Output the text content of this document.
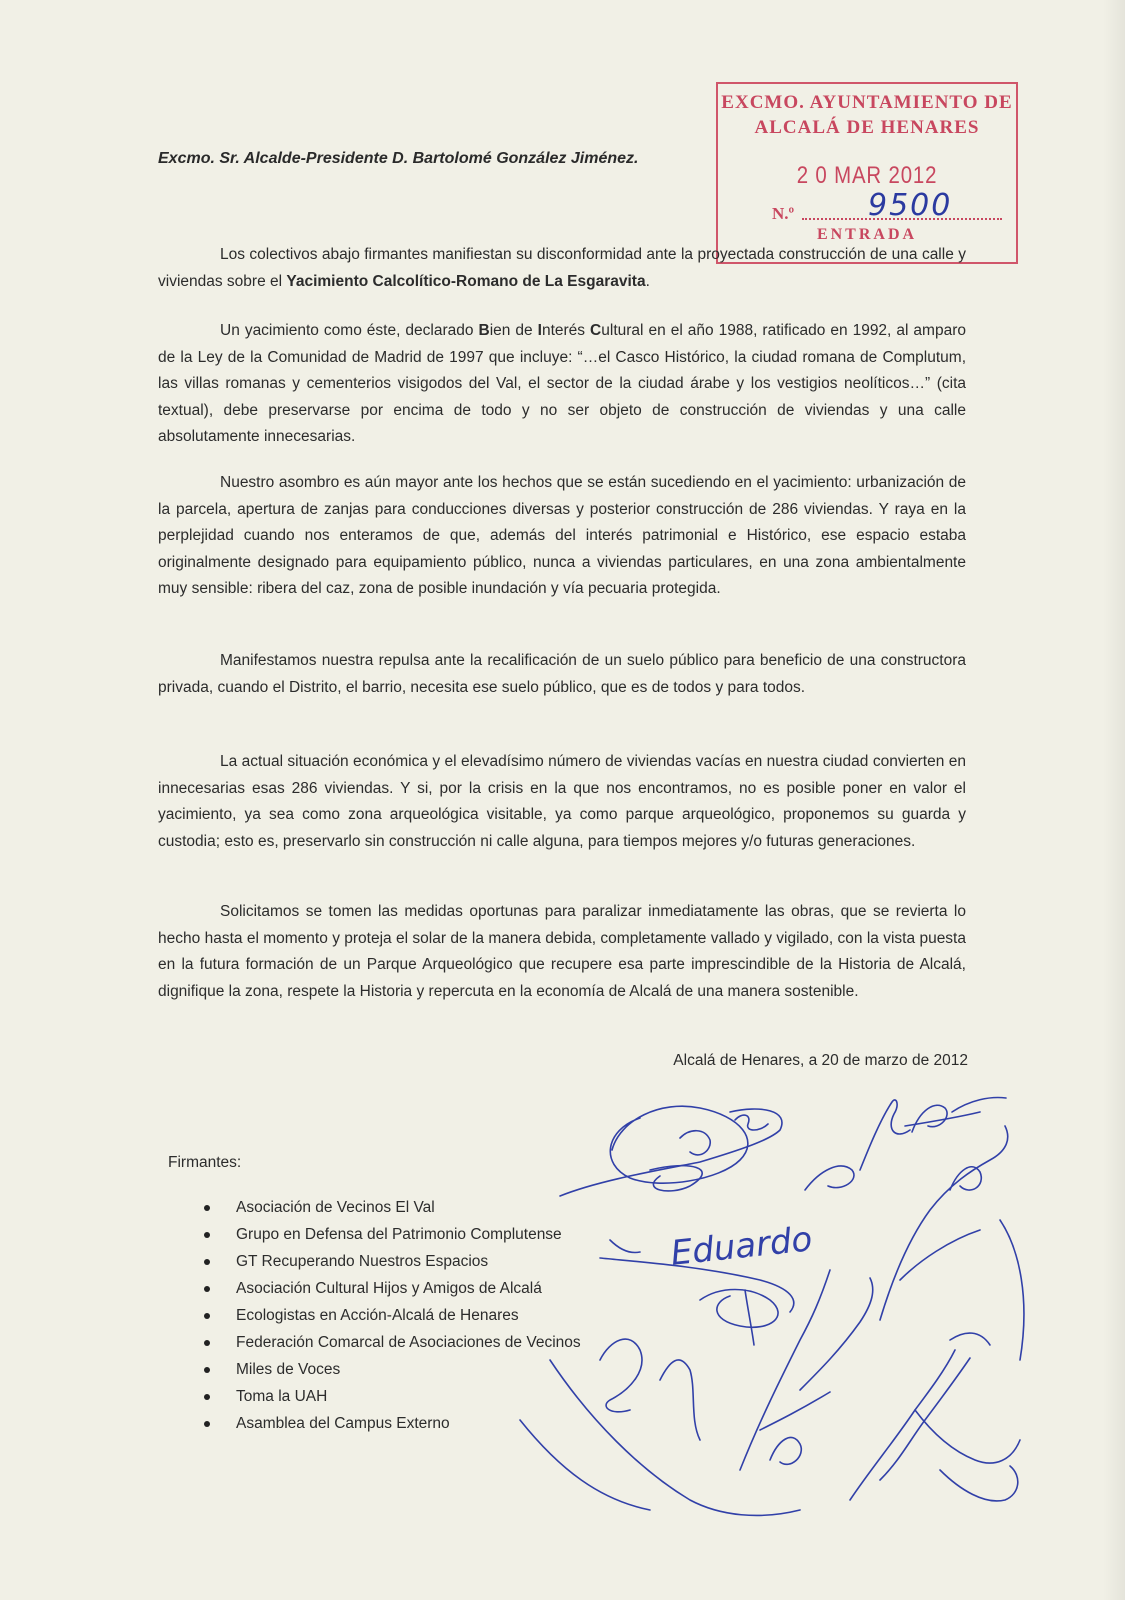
EXCMO. AYUNTAMIENTO DE
ALCALÁ DE HENARES
2 0 MAR 2012
N.º 9500
ENTRADA
Excmo. Sr. Alcalde-Presidente D. Bartolomé González Jiménez.

Los colectivos abajo firmantes manifiestan su disconformidad ante la proyectada construcción de una calle y viviendas sobre el Yacimiento Calcolítico-Romano de La Esgaravita.

Un yacimiento como éste, declarado Bien de Interés Cultural en el año 1988, ratificado en 1992, al amparo de la Ley de la Comunidad de Madrid de 1997 que incluye: “…el Casco Histórico, la ciudad romana de Complutum, las villas romanas y cementerios visigodos del Val, el sector de la ciudad árabe y los vestigios neolíticos…” (cita textual), debe preservarse por encima de todo y no ser objeto de construcción de viviendas y una calle absolutamente innecesarias.

Nuestro asombro es aún mayor ante los hechos que se están sucediendo en el yacimiento: urbanización de la parcela, apertura de zanjas para conducciones diversas y posterior construcción de 286 viviendas. Y raya en la perplejidad cuando nos enteramos de que, además del interés patrimonial e Histórico, ese espacio estaba originalmente designado para equipamiento público, nunca a viviendas particulares, en una zona ambientalmente muy sensible: ribera del caz, zona de posible inundación y vía pecuaria protegida.

Manifestamos nuestra repulsa ante la recalificación de un suelo público para beneficio de una constructora privada, cuando el Distrito, el barrio, necesita ese suelo público, que es de todos y para todos.

La actual situación económica y el elevadísimo número de viviendas vacías en nuestra ciudad convierten en innecesarias esas 286 viviendas. Y si, por la crisis en la que nos encontramos, no es posible poner en valor el yacimiento, ya sea como zona arqueológica visitable, ya como parque arqueológico, proponemos su guarda y custodia; esto es, preservarlo sin construcción ni calle alguna, para tiempos mejores y/o futuras generaciones.

Solicitamos se tomen las medidas oportunas para paralizar inmediatamente las obras, que se revierta lo hecho hasta el momento y proteja el solar de la manera debida, completamente vallado y vigilado, con la vista puesta en la futura formación de un Parque Arqueológico que recupere esa parte imprescindible de la Historia de Alcalá, dignifique la zona, respete la Historia y repercuta en la economía de Alcalá de una manera sostenible.

Alcalá de Henares, a 20 de marzo de 2012
Firmantes:
Asociación de Vecinos El Val
Grupo en Defensa del Patrimonio Complutense
GT Recuperando Nuestros Espacios
Asociación Cultural Hijos y Amigos de Alcalá
Ecologistas en Acción-Alcalá de Henares
Federación Comarcal de Asociaciones de Vecinos
Miles de Voces
Toma la UAH
Asamblea del Campus Externo
Ed‍ua‍r‍do
